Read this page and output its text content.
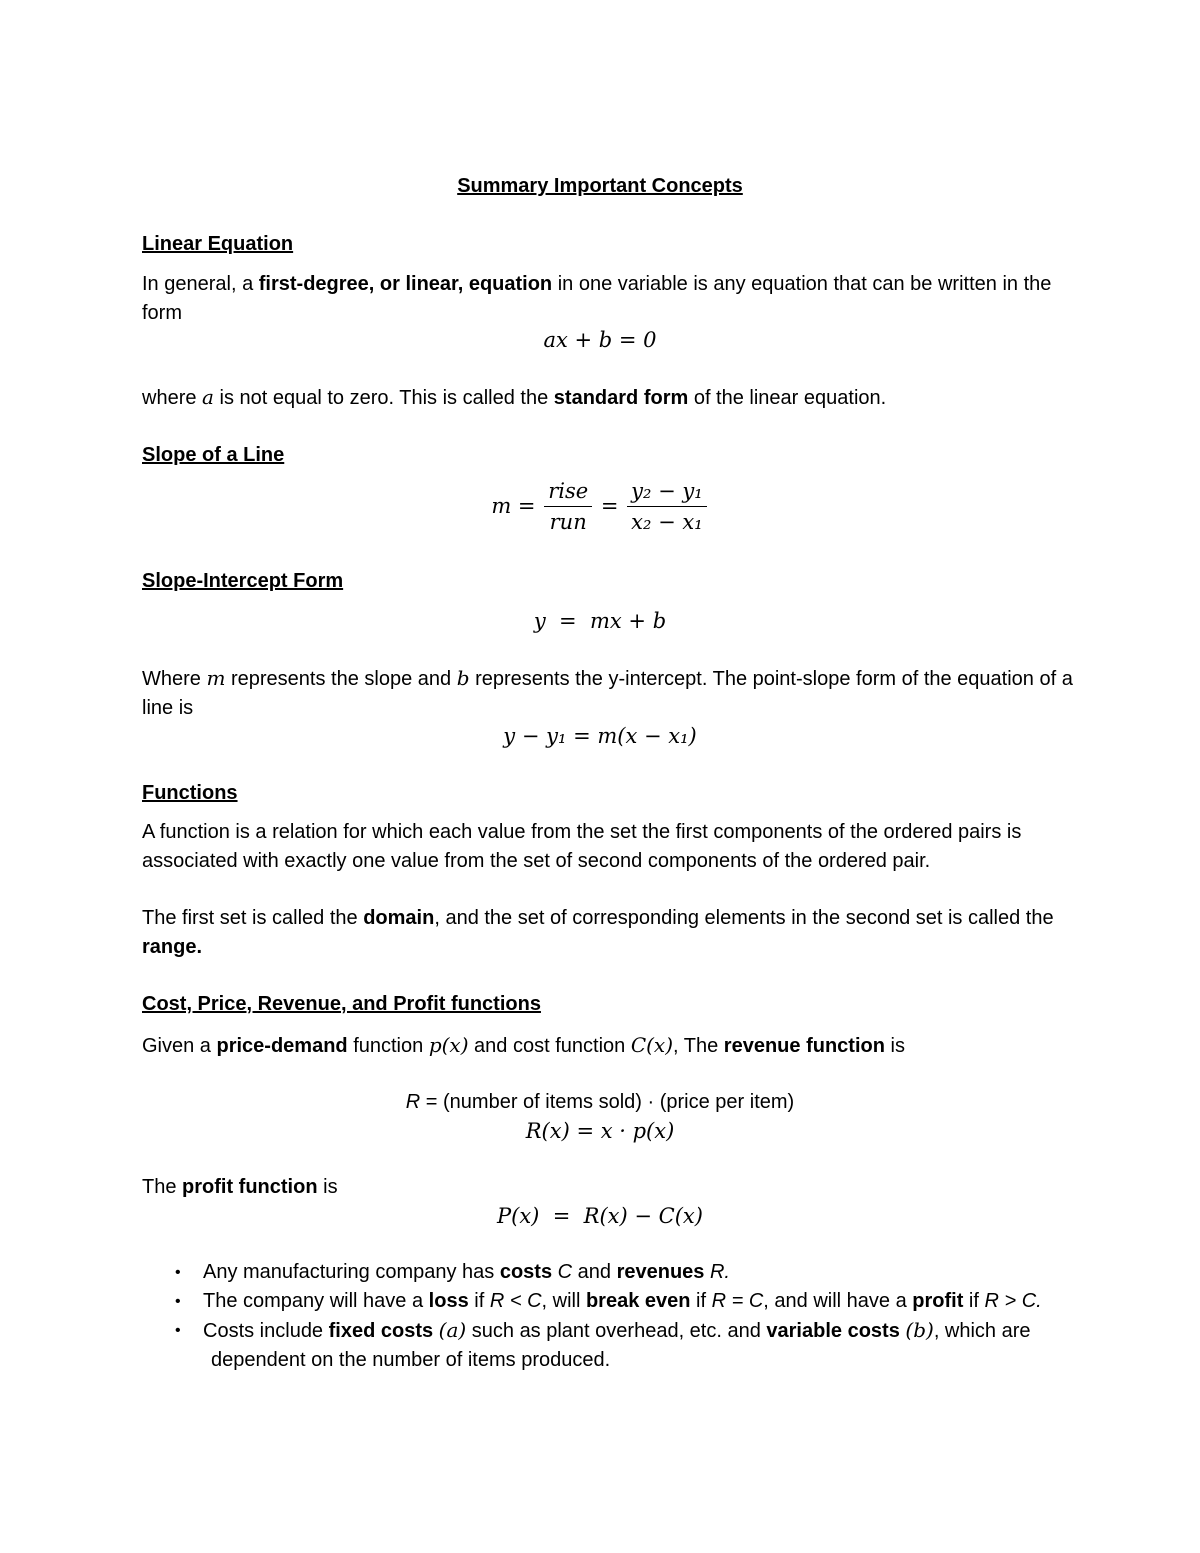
Summary Important Concepts
Linear Equation
In general, a first-degree, or linear, equation in one variable is any equation that can be written in the form
ax + b = 0
where a is not equal to zero. This is called the standard form of the linear equation.
Slope of a Line
$m = \frac{\text{rise}}{\text{run}} = \frac{\text{y₂ − y₁}}{\text{x₂ − x₁}}$
Slope-Intercept Form
y  =  mx + b
Where m represents the slope and b represents the y-intercept. The point-slope form of the equation of a line is
y − y₁ = m(x − x₁)
Functions
A function is a relation for which each value from the set the first components of the ordered pairs is associated with exactly one value from the set of second components of the ordered pair.
The first set is called the domain, and the set of corresponding elements in the second set is called the range.
Cost, Price, Revenue, and Profit functions
Given a price-demand function p(x) and cost function C(x), The revenue function is
R = (number of items sold) · (price per item)
R(x) = x · p(x)
The profit function is
P(x)  =  R(x) − C(x)
• Any manufacturing company has costs C and revenues R.
• The company will have a loss if R < C, will break even if R = C, and will have a profit if R > C.
• Costs include fixed costs (a) such as plant overhead, etc. and variable costs (b), which are
dependent on the number of items produced.
